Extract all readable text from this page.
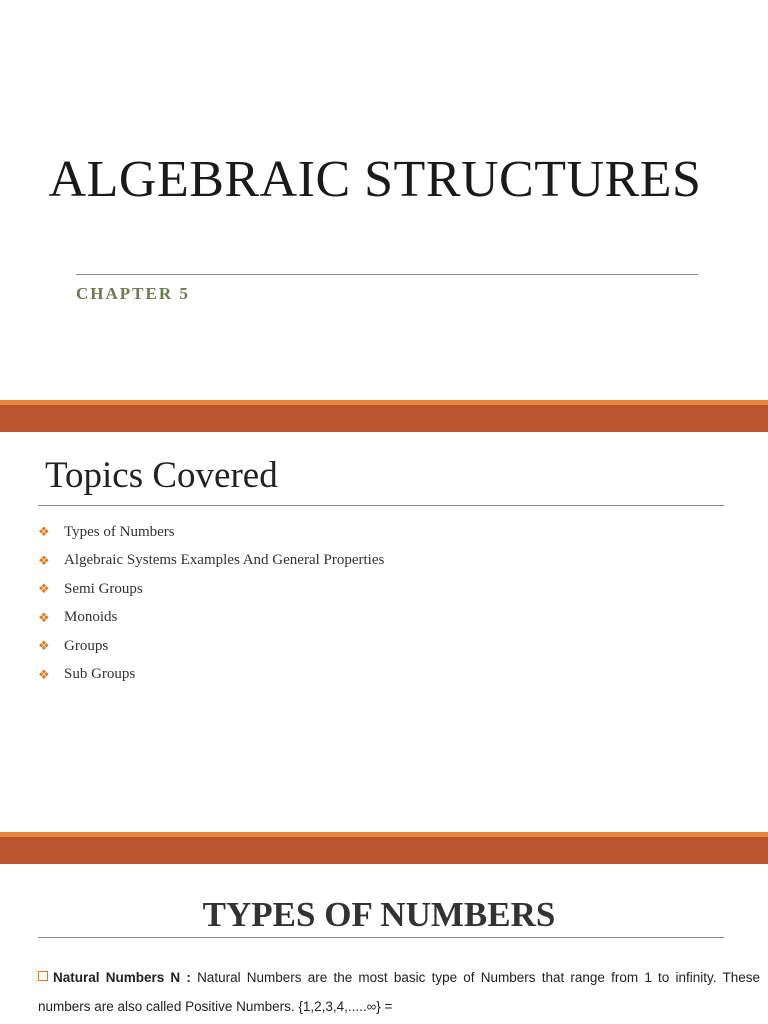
ALGEBRAIC STRUCTURES
CHAPTER 5
Topics Covered
❖ Types of Numbers
❖ Algebraic Systems Examples And General Properties
❖ Semi Groups
❖ Monoids
❖ Groups
❖ Sub Groups
TYPES OF NUMBERS
Natural Numbers N : Natural Numbers are the most basic type of Numbers that range from 1 to infinity. These numbers are also called Positive Numbers. {1,2,3,4,.....∞} =
